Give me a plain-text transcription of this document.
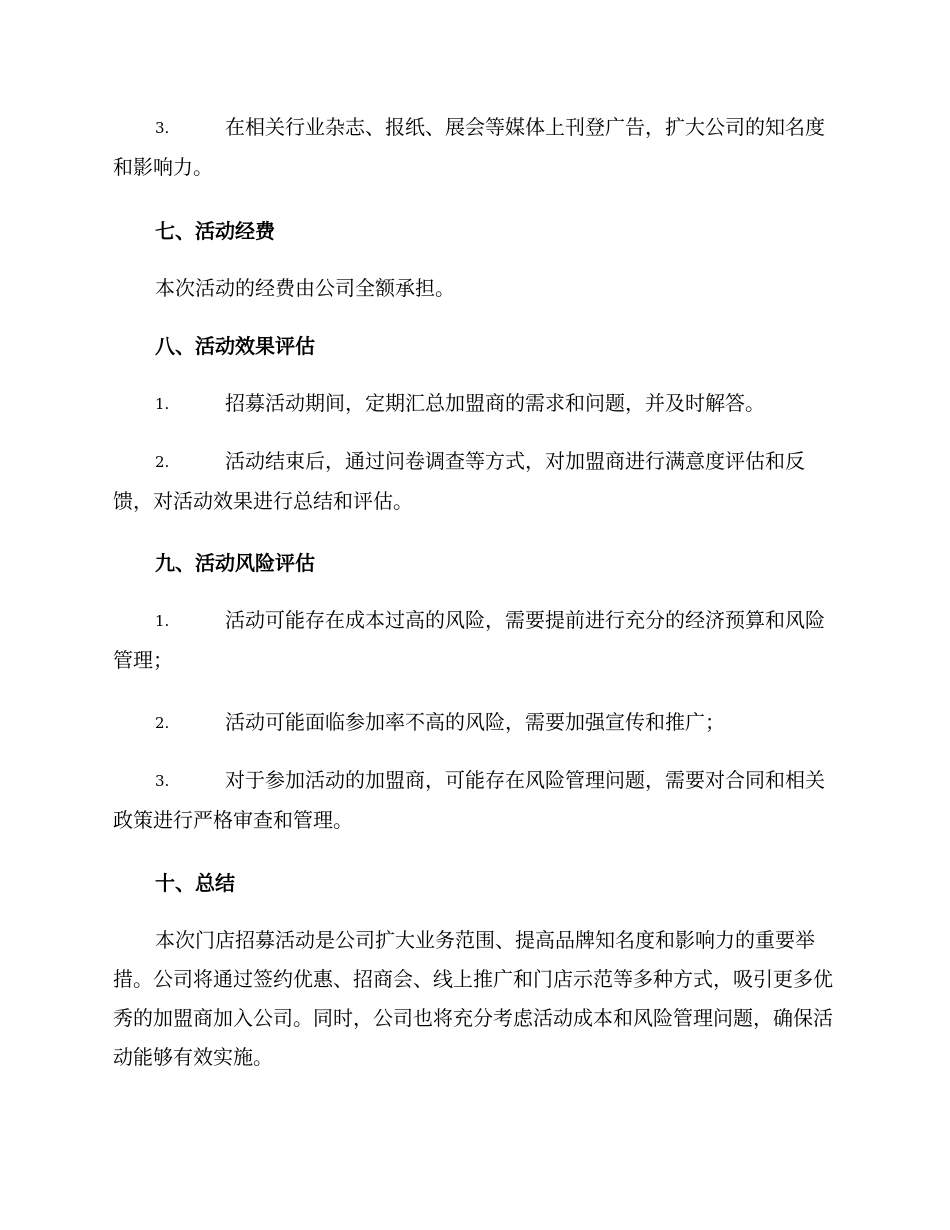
3.	在相关行业杂志、报纸、展会等媒体上刊登广告，扩大公司的知名度和影响力。
七、活动经费
本次活动的经费由公司全额承担。
八、活动效果评估
1.	招募活动期间，定期汇总加盟商的需求和问题，并及时解答。
2.	活动结束后，通过问卷调查等方式，对加盟商进行满意度评估和反馈，对活动效果进行总结和评估。
九、活动风险评估
1.	活动可能存在成本过高的风险，需要提前进行充分的经济预算和风险管理；
2.	活动可能面临参加率不高的风险，需要加强宣传和推广；
3.	对于参加活动的加盟商，可能存在风险管理问题，需要对合同和相关政策进行严格审查和管理。
十、总结
本次门店招募活动是公司扩大业务范围、提高品牌知名度和影响力的重要举措。公司将通过签约优惠、招商会、线上推广和门店示范等多种方式，吸引更多优秀的加盟商加入公司。同时，公司也将充分考虑活动成本和风险管理问题，确保活动能够有效实施。
